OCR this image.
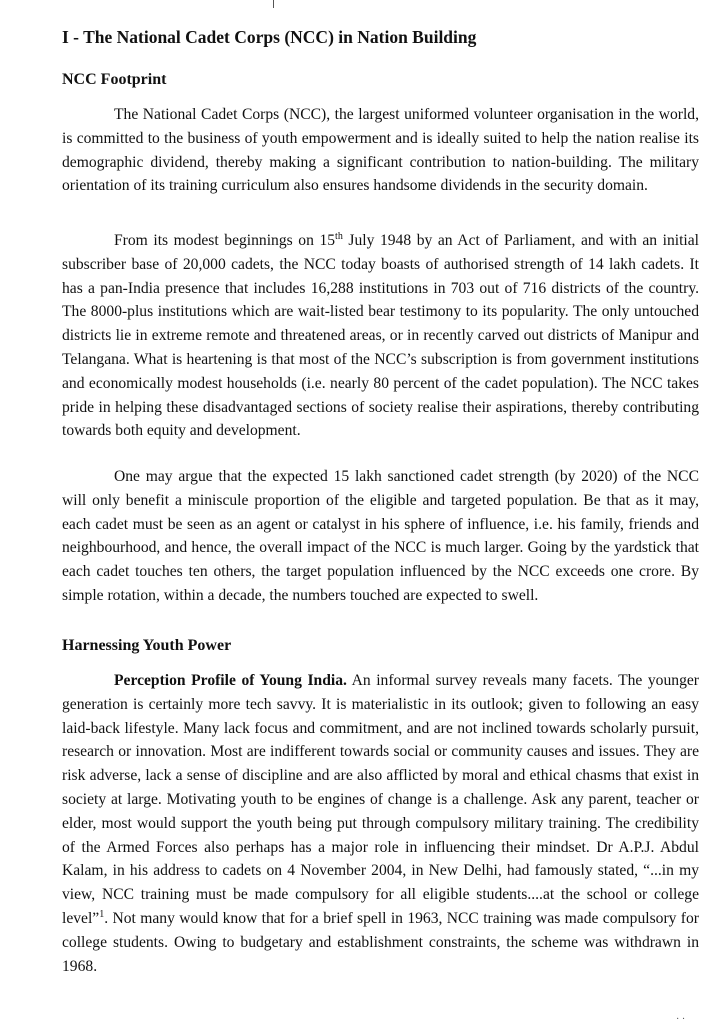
I - The National Cadet Corps (NCC) in Nation Building
NCC Footprint

The National Cadet Corps (NCC), the largest uniformed volunteer organisation in the world, is committed to the business of youth empowerment and is ideally suited to help the nation realise its demographic dividend, thereby making a significant contribution to nation-building. The military orientation of its training curriculum also ensures handsome dividends in the security domain.

From its modest beginnings on 15th July 1948 by an Act of Parliament, and with an initial subscriber base of 20,000 cadets, the NCC today boasts of authorised strength of 14 lakh cadets. It has a pan-India presence that includes 16,288 institutions in 703 out of 716 districts of the country. The 8000-plus institutions which are wait-listed bear testimony to its popularity. The only untouched districts lie in extreme remote and threatened areas, or in recently carved out districts of Manipur and Telangana. What is heartening is that most of the NCC’s subscription is from government institutions and economically modest households (i.e. nearly 80 percent of the cadet population). The NCC takes pride in helping these disadvantaged sections of society realise their aspirations, thereby contributing towards both equity and development.

One may argue that the expected 15 lakh sanctioned cadet strength (by 2020) of the NCC will only benefit a miniscule proportion of the eligible and targeted population. Be that as it may, each cadet must be seen as an agent or catalyst in his sphere of influence, i.e. his family, friends and neighbourhood, and hence, the overall impact of the NCC is much larger. Going by the yardstick that each cadet touches ten others, the target population influenced by the NCC exceeds one crore. By simple rotation, within a decade, the numbers touched are expected to swell.

Harnessing Youth Power

Perception Profile of Young India. An informal survey reveals many facets. The younger generation is certainly more tech savvy. It is materialistic in its outlook; given to following an easy laid-back lifestyle. Many lack focus and commitment, and are not inclined towards scholarly pursuit, research or innovation. Most are indifferent towards social or community causes and issues. They are risk adverse, lack a sense of discipline and are also afflicted by moral and ethical chasms that exist in society at large. Motivating youth to be engines of change is a challenge. Ask any parent, teacher or elder, most would support the youth being put through compulsory military training. The credibility of the Armed Forces also perhaps has a major role in influencing their mindset. Dr A.P.J. Abdul Kalam, in his address to cadets on 4 November 2004, in New Delhi, had famously stated, “...in my view, NCC training must be made compulsory for all eligible students....at the school or college level”$^1$. Not many would know that for a brief spell in 1963, NCC training was made compulsory for college students. Owing to budgetary and establishment constraints, the scheme was withdrawn in 1968.

· ·
